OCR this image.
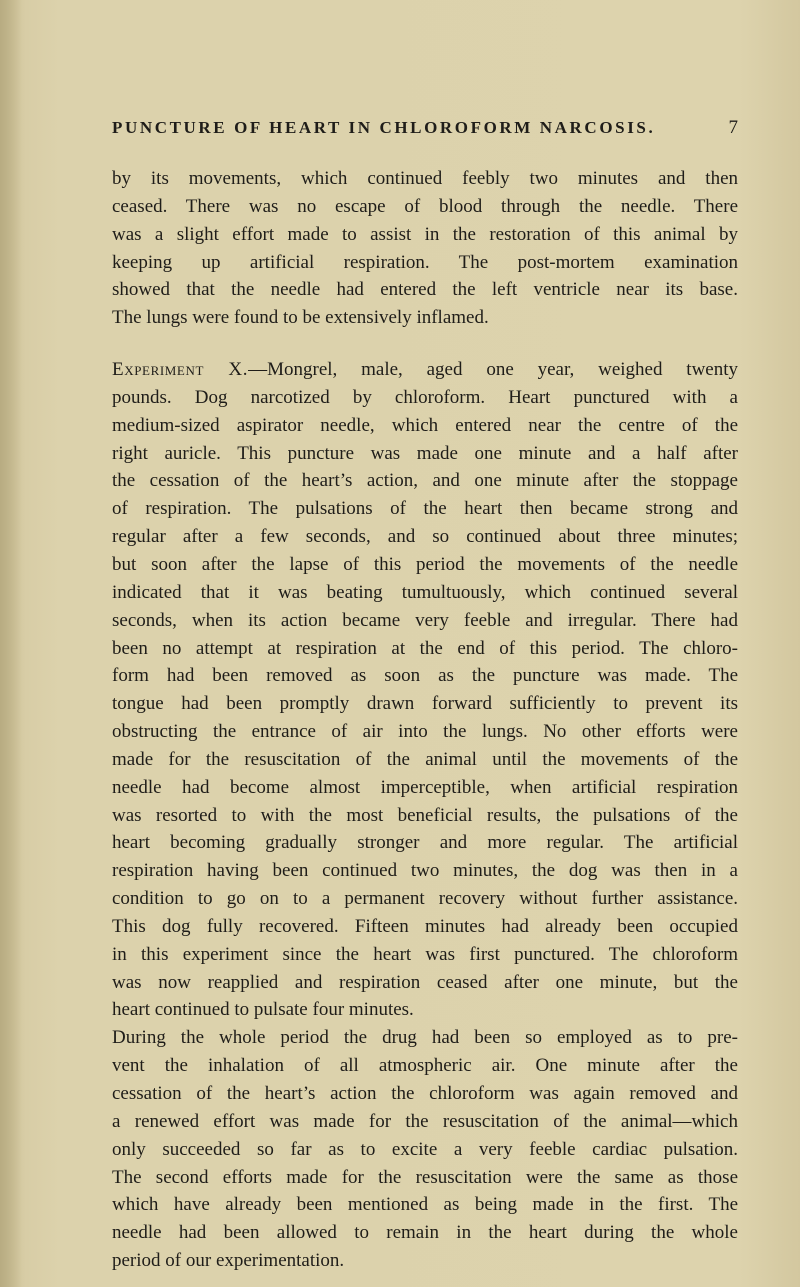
PUNCTURE OF HEART IN CHLOROFORM NARCOSIS.	7
by its movements, which continued feebly two minutes and then
ceased. There was no escape of blood through the needle. There
was a slight effort made to assist in the restoration of this animal by
keeping up artificial respiration. The post-mortem examination
showed that the needle had entered the left ventricle near its base.
The lungs were found to be extensively inflamed.
Experiment X.—Mongrel, male, aged one year, weighed twenty
pounds. Dog narcotized by chloroform. Heart punctured with a
medium-sized aspirator needle, which entered near the centre of the
right auricle. This puncture was made one minute and a half after
the cessation of the heart’s action, and one minute after the stoppage
of respiration. The pulsations of the heart then became strong and
regular after a few seconds, and so continued about three minutes;
but soon after the lapse of this period the movements of the needle
indicated that it was beating tumultuously, which continued several
seconds, when its action became very feeble and irregular. There had
been no attempt at respiration at the end of this period. The chloro-
form had been removed as soon as the puncture was made. The
tongue had been promptly drawn forward sufficiently to prevent its
obstructing the entrance of air into the lungs. No other efforts were
made for the resuscitation of the animal until the movements of the
needle had become almost imperceptible, when artificial respiration
was resorted to with the most beneficial results, the pulsations of the
heart becoming gradually stronger and more regular. The artificial
respiration having been continued two minutes, the dog was then in a
condition to go on to a permanent recovery without further assistance.
This dog fully recovered. Fifteen minutes had already been occupied
in this experiment since the heart was first punctured. The chloroform
was now reapplied and respiration ceased after one minute, but the
heart continued to pulsate four minutes.
During the whole period the drug had been so employed as to pre-
vent the inhalation of all atmospheric air. One minute after the
cessation of the heart’s action the chloroform was again removed and
a renewed effort was made for the resuscitation of the animal—which
only succeeded so far as to excite a very feeble cardiac pulsation.
The second efforts made for the resuscitation were the same as those
which have already been mentioned as being made in the first. The
needle had been allowed to remain in the heart during the whole
period of our experimentation.
